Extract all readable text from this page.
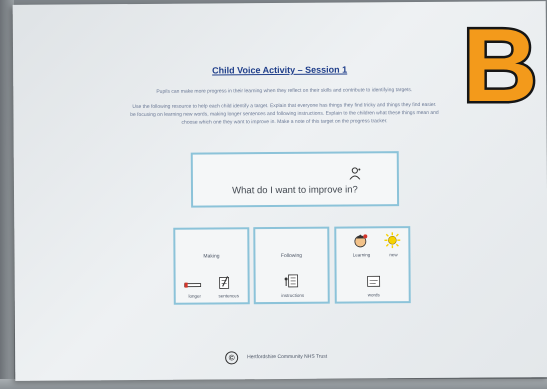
Child Voice Activity – Session 1
Pupils can make more progress in their learning when they reflect on their skills and contribute to identifying targets.
Use the following resource to help each child identify a target. Explain that everyone has things they find tricky and things they find easier.
be focusing on learning new words, making longer sentences and following instructions. Explain to the children what these things mean and
choose which one they want to improve in. Make a note of this target on the progress tracker.
What do I want to improve in?
Making
longer	sentences
Following
instructions
Learning	new
words
©	Hertfordshire Community NHS Trust
B
